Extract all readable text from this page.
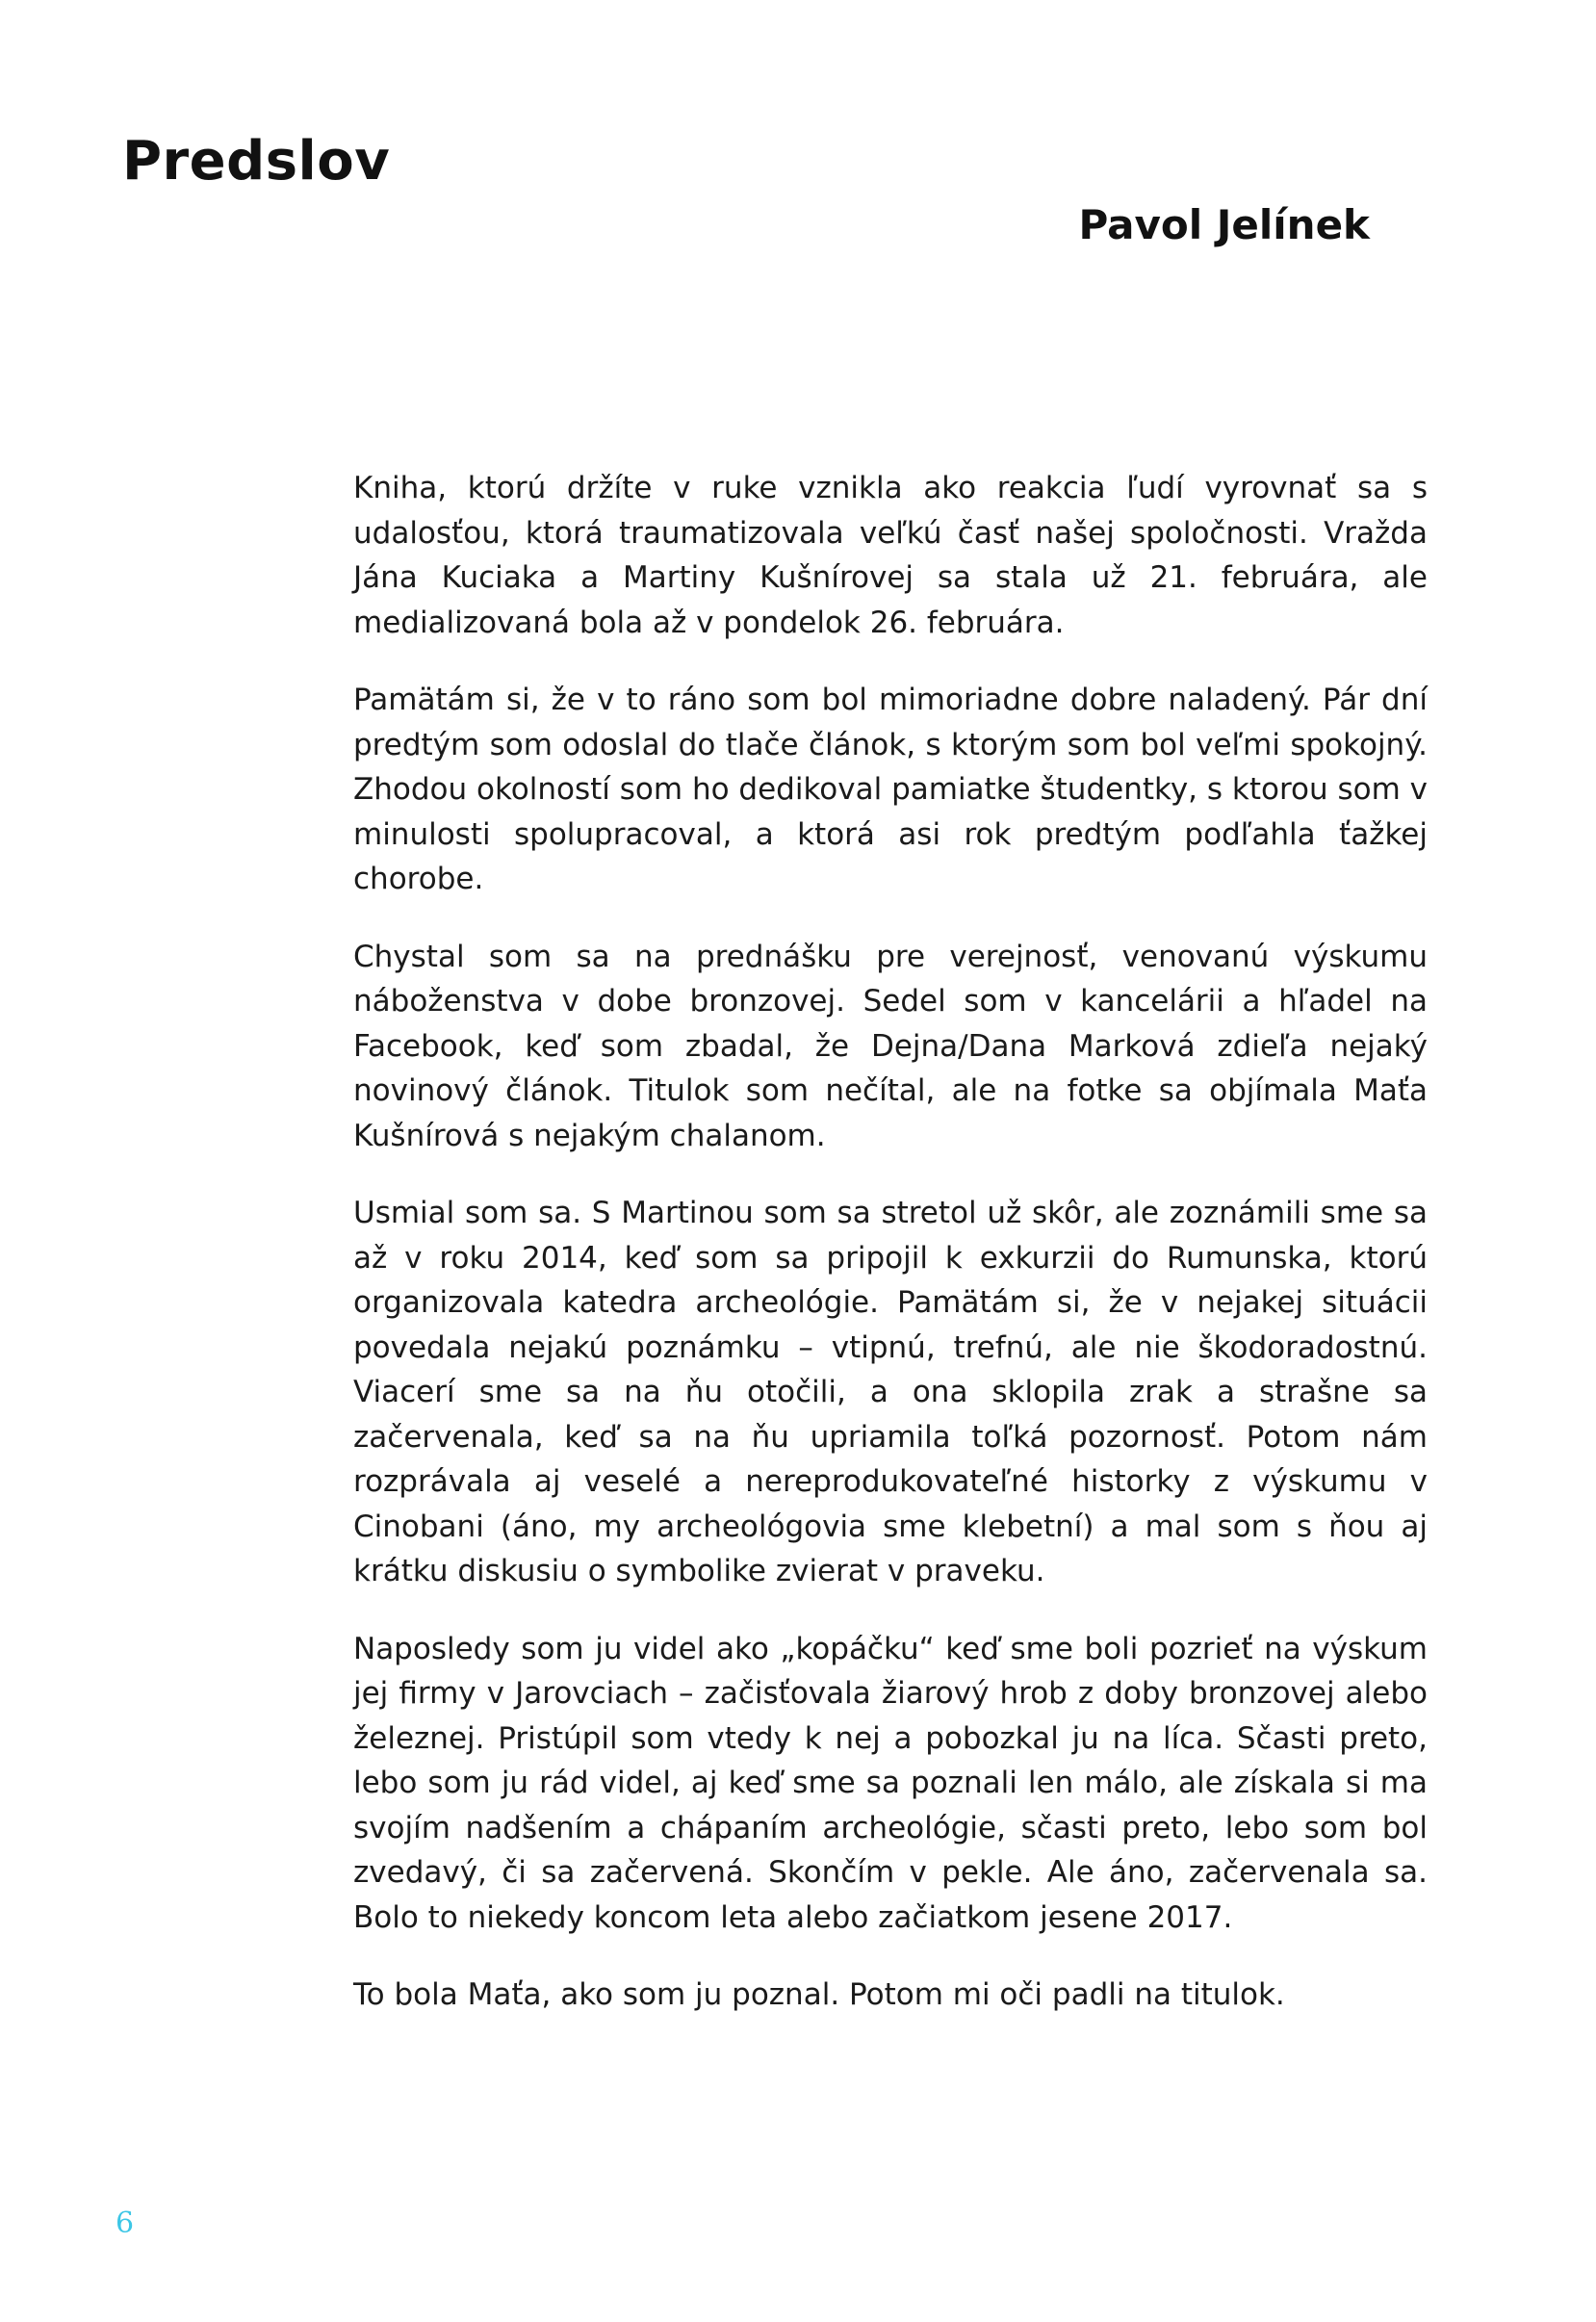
Predslov
Pavol Jelínek

Kniha, ktorú držíte v ruke vznikla ako reakcia ľudí vyrovnať sa s udalosťou, ktorá traumatizovala veľkú časť našej spoločnosti. Vražda Jána Kuciaka a Martiny Kušnírovej sa stala už 21. februára, ale medializovaná bola až v pondelok 26. februára.

Pamätám si, že v to ráno som bol mimoriadne dobre naladený. Pár dní predtým som odoslal do tlače článok, s ktorým som bol veľmi spokojný. Zhodou okolností som ho dedikoval pamiatke študentky, s ktorou som v minulosti spolupracoval, a ktorá asi rok predtým podľahla ťažkej chorobe.

Chystal som sa na prednášku pre verejnosť, venovanú výskumu náboženstva v dobe bronzovej. Sedel som v kancelárii a hľadel na Facebook, keď som zbadal, že Dejna/Dana Marková zdieľa nejaký novinový článok. Titulok som nečítal, ale na fotke sa objímala Maťa Kušnírová s nejakým chalanom.

Usmial som sa. S Martinou som sa stretol už skôr, ale zoznámili sme sa až v roku 2014, keď som sa pripojil k exkurzii do Rumunska, ktorú organizovala katedra archeológie. Pamätám si, že v nejakej situácii povedala nejakú poznámku – vtipnú, trefnú, ale nie škodoradostnú. Viacerí sme sa na ňu otočili, a ona sklopila zrak a strašne sa začervenala, keď sa na ňu upriamila toľká pozornosť. Potom nám rozprávala aj veselé a nereprodukovateľné historky z výskumu v Cinobani (áno, my archeológovia sme klebetní) a mal som s ňou aj krátku diskusiu o symbolike zvierat v praveku.

Naposledy som ju videl ako „kopáčku“ keď sme boli pozrieť na výskum jej firmy v Jarovciach – začisťovala žiarový hrob z doby bronzovej alebo železnej. Pristúpil som vtedy k nej a pobozkal ju na líca. Sčasti preto, lebo som ju rád videl, aj keď sme sa poznali len málo, ale získala si ma svojím nadšením a chápaním archeológie, sčasti preto, lebo som bol zvedavý, či sa začervená. Skončím v pekle. Ale áno, začervenala sa. Bolo to niekedy koncom leta alebo začiatkom jesene 2017.

To bola Maťa, ako som ju poznal. Potom mi oči padli na titulok.

6
